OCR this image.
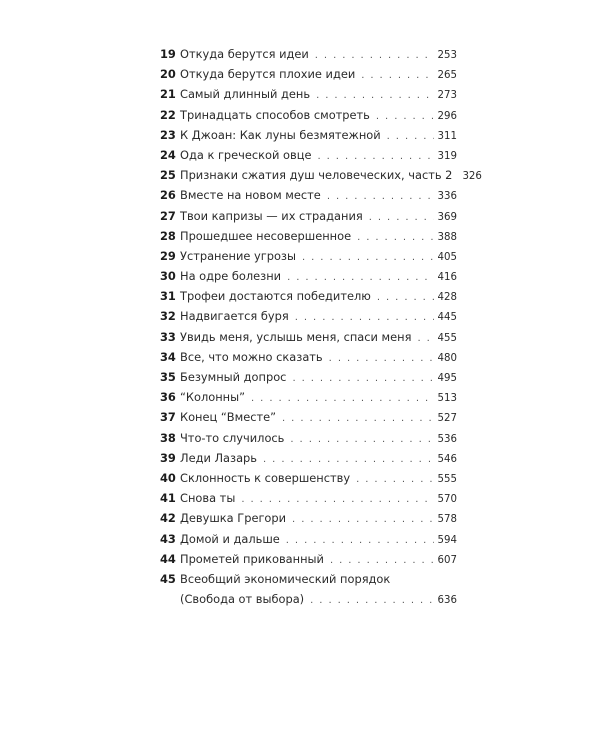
19 Откуда берутся идеи . . .	253
20 Откуда берутся плохие идеи . . .	265
21 Самый длинный день . . .	273
22 Тринадцать способов смотреть . . .	296
23 К Джоан: Как луны безмятежной . . .	311
24 Ода к греческой овце . . .	319
25 Признаки сжатия душ человеческих, часть 2 326
26 Вместе на новом месте . . .	336
27 Твои капризы — их страдания . . .	369
28 Прошедшее несовершенное . . .	388
29 Устранение угрозы . . .	405
30 На одре болезни . . .	416
31 Трофеи достаются победителю . . .	428
32 Надвигается буря . . .	445
33 Увидь меня, услышь меня, спаси меня . . .	455
34 Все, что можно сказать . . .	480
35 Безумный допрос . . .	495
36 “Колонны” . . .	513
37 Конец “Вместе” . . .	527
38 Что-то случилось . . .	536
39 Леди Лазарь . . .	546
40 Склонность к совершенству . . .	555
41 Снова ты . . .	570
42 Девушка Грегори . . .	578
43 Домой и дальше . . .	594
44 Прометей прикованный . . .	607
45 Всеобщий экономический порядок
(Свобода от выбора) . . .	636
